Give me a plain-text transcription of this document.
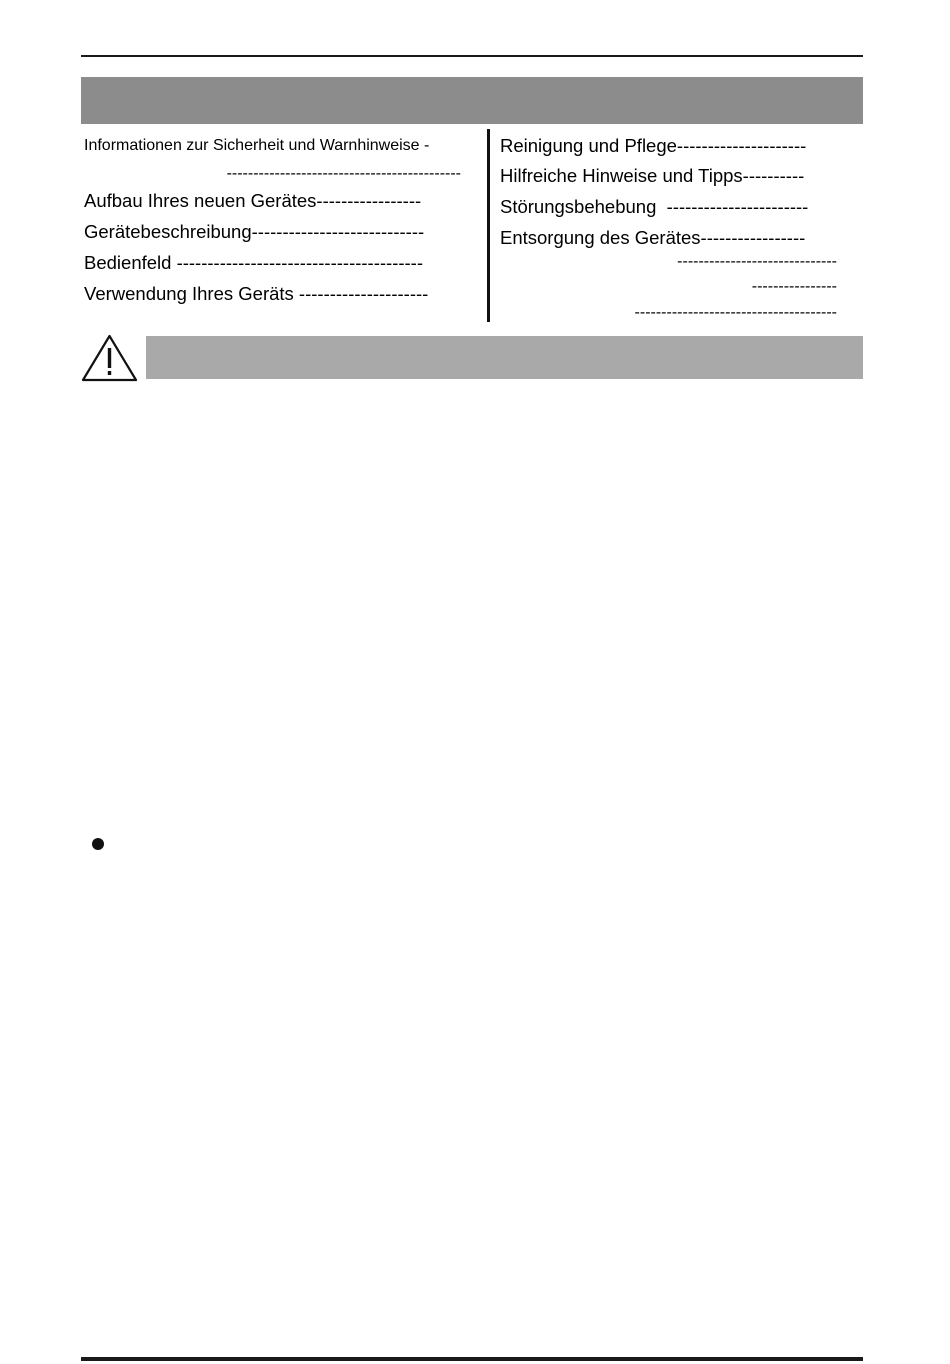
Informationen zur Sicherheit und Warnhinweise -
--------------------------------------------
Aufbau Ihres neuen Gerätes-----------------
Gerätebeschreibung----------------------------
Bedienfeld ----------------------------------------
Verwendung Ihres Geräts ---------------------
Reinigung und Pflege---------------------
Hilfreiche Hinweise und Tipps----------
Störungsbehebung  -----------------------
Entsorgung des Gerätes-----------------
------------------------------
----------------
--------------------------------------
